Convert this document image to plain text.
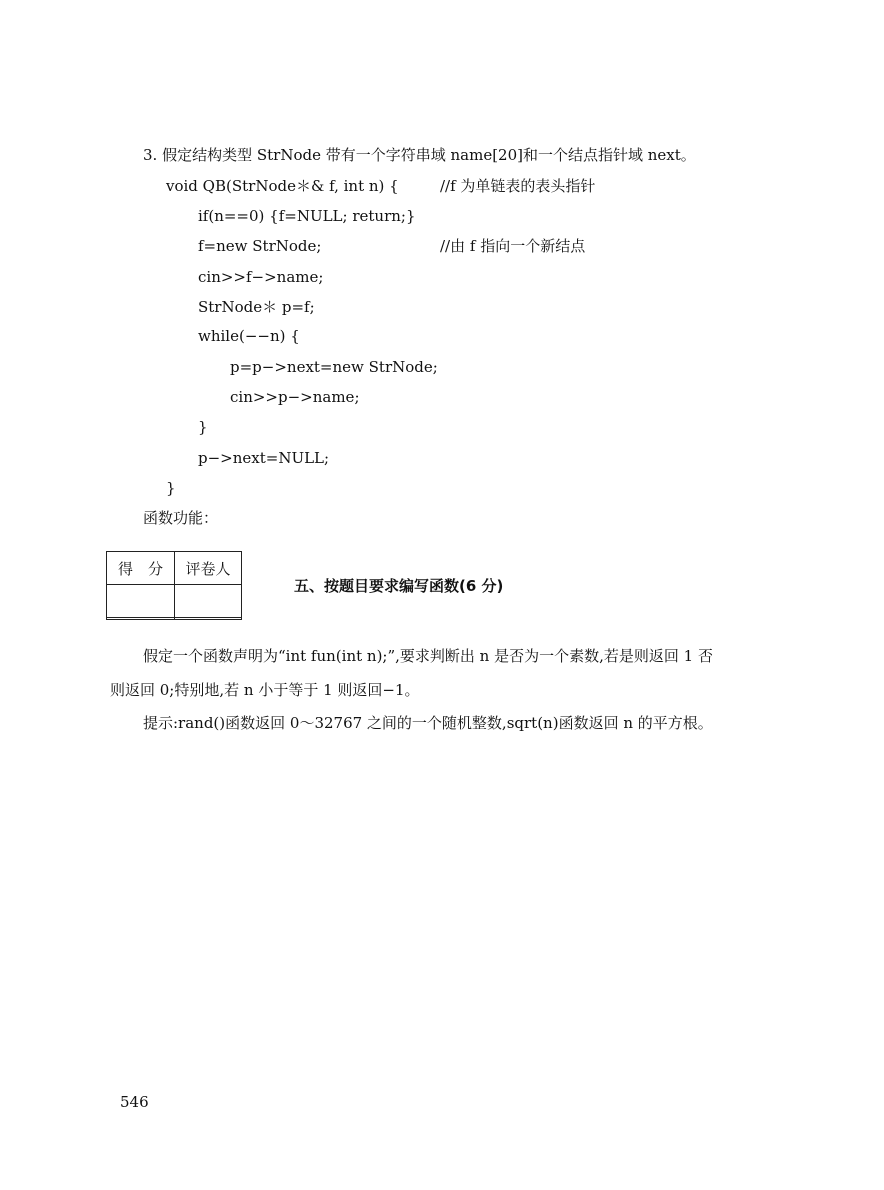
3. 假定结构类型 StrNode 带有一个字符串域 name[20]和一个结点指针域 next。
void QB(StrNode＊& f, int n) {	//f 为单链表的表头指针
if(n==0) {f=NULL; return;}
f=new StrNode;	//由 f 指向一个新结点
cin>>f−>name;
StrNode＊ p=f;
while(−−n) {
p=p−>next=new StrNode;
cin>>p−>name;
}
p−>next=NULL;
}
函数功能：
得　分	评卷人

五、按题目要求编写函数(6 分)
假定一个函数声明为“int fun(int n);”,要求判断出 n 是否为一个素数,若是则返回 1 否
则返回 0;特别地,若 n 小于等于 1 则返回−1。
提示:rand()函数返回 0～32767 之间的一个随机整数,sqrt(n)函数返回 n 的平方根。
546
